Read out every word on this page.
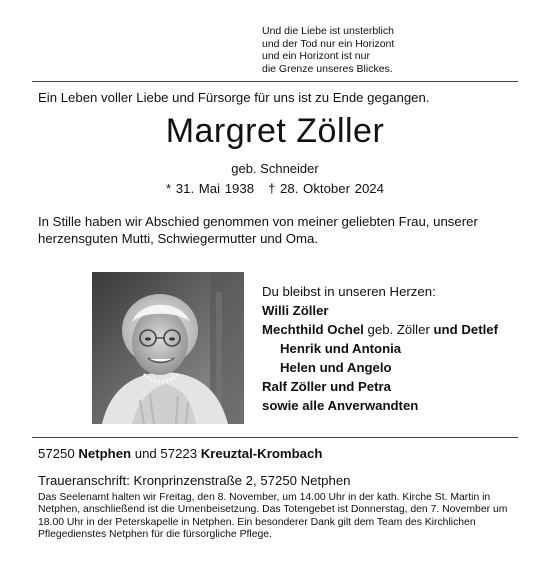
Und die Liebe ist unsterblich
und der Tod nur ein Horizont
und ein Horizont ist nur
die Grenze unseres Blickes.
Ein Leben voller Liebe und Fürsorge für uns ist zu Ende gegangen.
Margret Zöller
geb. Schneider
* 31. Mai 1938 † 28. Oktober 2024
In Stille haben wir Abschied genommen von meiner geliebten Frau, unserer herzensguten Mutti, Schwiegermutter und Oma.
Du bleibst in unseren Herzen:
Willi Zöller
Mechthild Ochel geb. Zöller und Detlef
Henrik und Antonia
Helen und Angelo
Ralf Zöller und Petra
sowie alle Anverwandten
57250 Netphen und 57223 Kreuztal-Krombach
Traueranschrift: Kronprinzenstraße 2, 57250 Netphen
Das Seelenamt halten wir Freitag, den 8. November, um 14.00 Uhr in der kath. Kirche St. Martin in Netphen, anschließend ist die Urnenbeisetzung. Das Totengebet ist Donnerstag, den 7. November um 18.00 Uhr in der Peterskapelle in Netphen. Ein besonderer Dank gilt dem Team des Kirchlichen Pflegedienstes Netphen für die fürsorgliche Pflege.
